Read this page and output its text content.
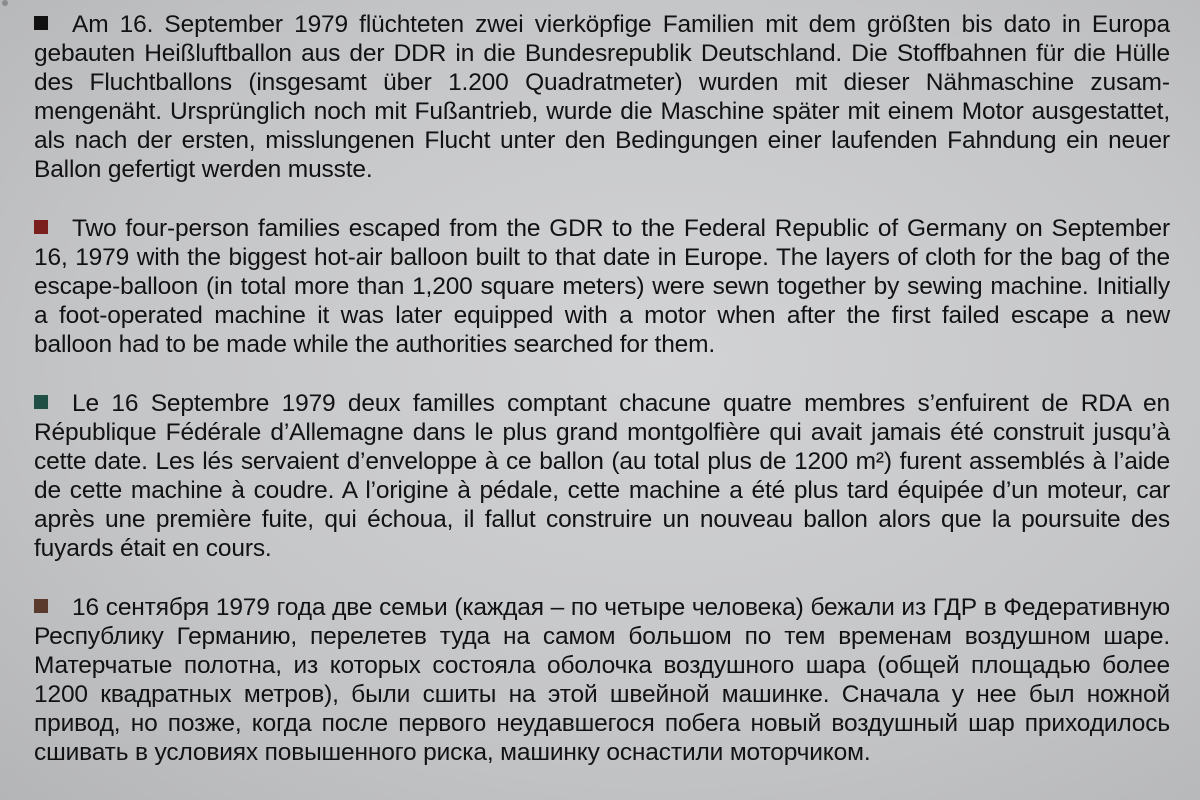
Am 16. September 1979 flüchteten zwei vierköpfige Familien mit dem größten bis dato in Europa gebauten Heißluftballon aus der DDR in die Bundesrepublik Deutschland. Die Stoffbahnen für die Hülle des Fluchtballons (insgesamt über 1.200 Quadratmeter) wurden mit dieser Nähmaschine zusammengenäht. Ursprünglich noch mit Fußantrieb, wurde die Maschine später mit einem Motor ausgestattet, als nach der ersten, misslungenen Flucht unter den Bedingungen einer laufenden Fahndung ein neuer Ballon gefertigt werden musste.

Two four-person families escaped from the GDR to the Federal Republic of Germany on September 16, 1979 with the biggest hot-air balloon built to that date in Europe. The layers of cloth for the bag of the escape-balloon (in total more than 1,200 square meters) were sewn together by sewing machine. Initially a foot-operated machine it was later equipped with a motor when after the first failed escape a new balloon had to be made while the authorities searched for them.

Le 16 Septembre 1979 deux familles comptant chacune quatre membres s’enfuirent de RDA en République Fédérale d’Allemagne dans le plus grand montgolfière qui avait jamais été construit jusqu’à cette date. Les lés servaient d’enveloppe à ce ballon (au total plus de 1200 m²) furent assemblés à l’aide de cette machine à coudre. A l’origine à pédale, cette machine a été plus tard équipée d’un moteur, car après une première fuite, qui échoua, il fallut construire un nouveau ballon alors que la poursuite des fuyards était en cours.

16 сентября 1979 года две семьи (каждая – по четыре человека) бежали из ГДР в Федеративную Республику Германию, перелетев туда на самом большом по тем временам воздушном шаре. Матерчатые полотна, из которых состояла оболочка воздушного шара (общей площадью более 1200 квадратных метров), были сшиты на этой швейной машинке. Сначала у нее был ножной привод, но позже, когда после первого неудавшегося побега новый воздушный шар приходилось сшивать в условиях повышенного риска, машинку оснастили моторчиком.
